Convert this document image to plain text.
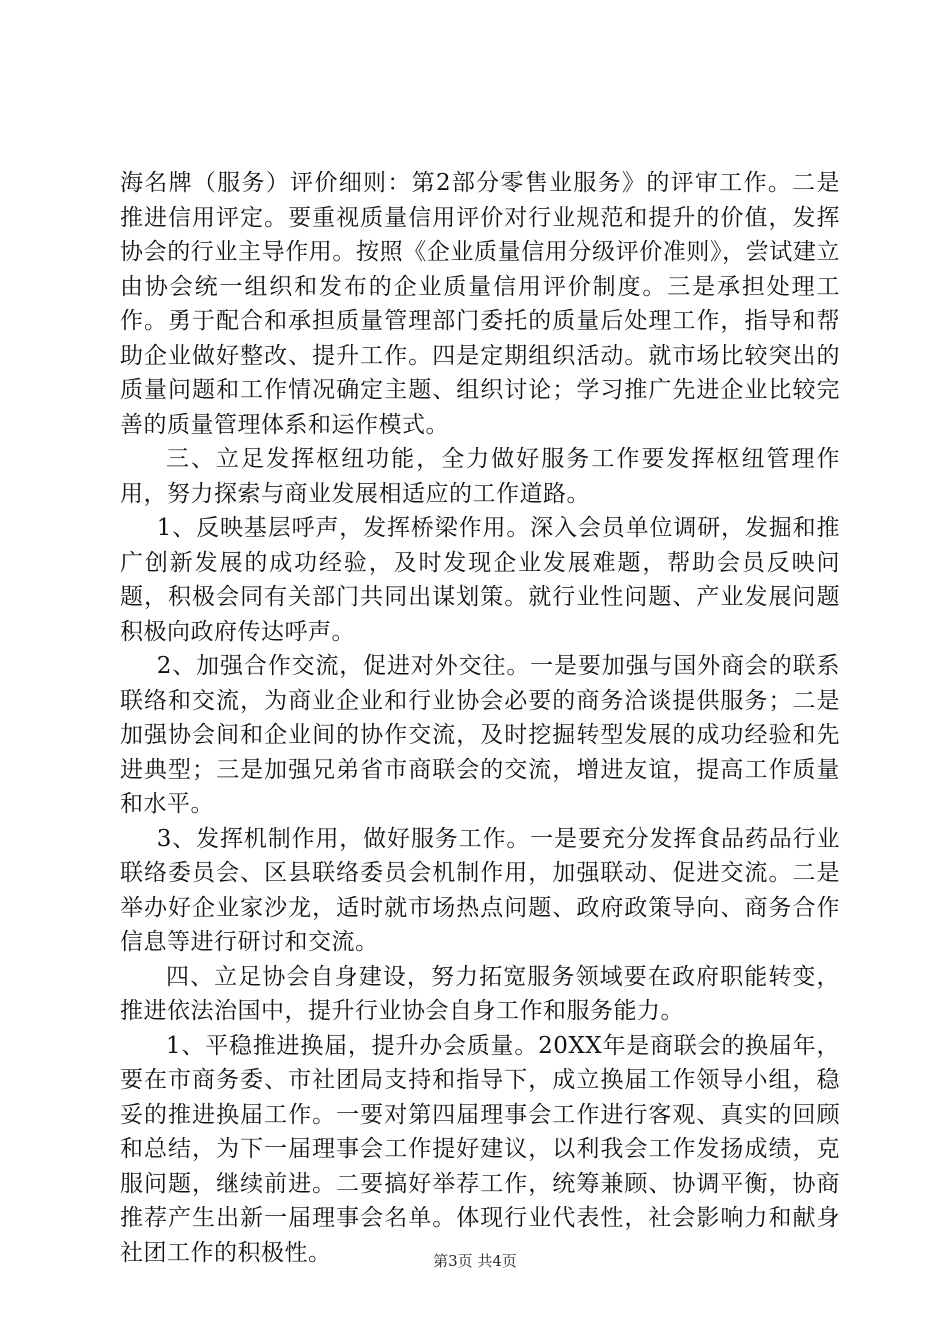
海名牌（服务）评价细则：第2部分零售业服务》的评审工作。二是推进信用评定。要重视质量信用评价对行业规范和提升的价值，发挥协会的行业主导作用。按照《企业质量信用分级评价准则》，尝试建立由协会统一组织和发布的企业质量信用评价制度。三是承担处理工作。勇于配合和承担质量管理部门委托的质量后处理工作，指导和帮助企业做好整改、提升工作。四是定期组织活动。就市场比较突出的质量问题和工作情况确定主题、组织讨论；学习推广先进企业比较完善的质量管理体系和运作模式。

三、立足发挥枢纽功能，全力做好服务工作要发挥枢纽管理作用，努力探索与商业发展相适应的工作道路。

1、反映基层呼声，发挥桥梁作用。深入会员单位调研，发掘和推广创新发展的成功经验，及时发现企业发展难题，帮助会员反映问题，积极会同有关部门共同出谋划策。就行业性问题、产业发展问题积极向政府传达呼声。

2、加强合作交流，促进对外交往。一是要加强与国外商会的联系联络和交流，为商业企业和行业协会必要的商务洽谈提供服务；二是加强协会间和企业间的协作交流，及时挖掘转型发展的成功经验和先进典型；三是加强兄弟省市商联会的交流，增进友谊，提高工作质量和水平。

3、发挥机制作用，做好服务工作。一是要充分发挥食品药品行业联络委员会、区县联络委员会机制作用，加强联动、促进交流。二是举办好企业家沙龙，适时就市场热点问题、政府政策导向、商务合作信息等进行研讨和交流。

四、立足协会自身建设，努力拓宽服务领域要在政府职能转变，推进依法治国中，提升行业协会自身工作和服务能力。

1、平稳推进换届，提升办会质量。20XX年是商联会的换届年，要在市商务委、市社团局支持和指导下，成立换届工作领导小组，稳妥的推进换届工作。一要对第四届理事会工作进行客观、真实的回顾和总结，为下一届理事会工作提好建议，以利我会工作发扬成绩，克服问题，继续前进。二要搞好举荐工作，统筹兼顾、协调平衡，协商推荐产生出新一届理事会名单。体现行业代表性，社会影响力和献身社团工作的积极性。	第3页 共4页
